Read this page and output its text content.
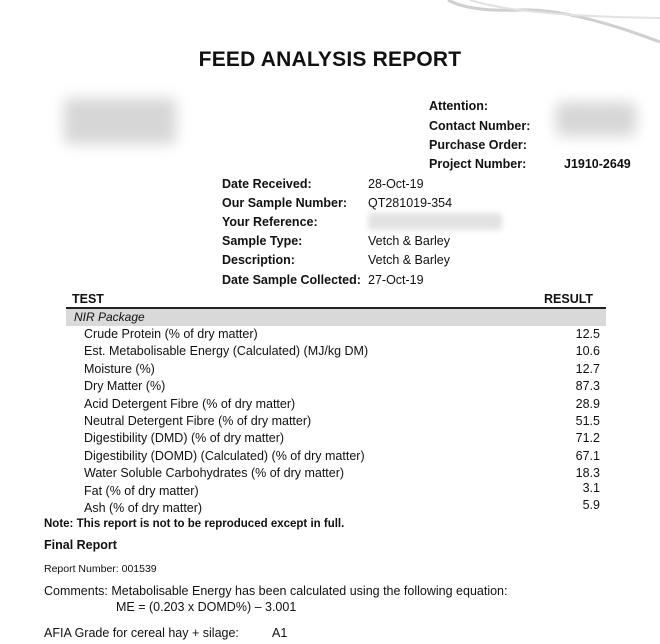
FEED ANALYSIS REPORT
Attention:
Contact Number:
Purchase Order:
Project Number:	J1910-2649
Date Received:	28-Oct-19
Our Sample Number: QT281019-354
Your Reference:
Sample Type:	Vetch & Barley
Description:	Vetch & Barley
Date Sample Collected: 27-Oct-19
TEST	RESULT
NIR Package
Crude Protein (% of dry matter)	12.5
Est. Metabolisable Energy (Calculated) (MJ/kg DM)	10.6
Moisture (%)	12.7
Dry Matter (%)	87.3
Acid Detergent Fibre (% of dry matter)	28.9
Neutral Detergent Fibre (% of dry matter)	51.5
Digestibility (DMD) (% of dry matter)	71.2
Digestibility (DOMD) (Calculated) (% of dry matter)	67.1
Water Soluble Carbohydrates (% of dry matter)	18.3
Fat (% of dry matter)	3.1
Ash (% of dry matter)	5.9
Note: This report is not to be reproduced except in full.
Final Report
Report Number: 001539
Comments: Metabolisable Energy has been calculated using the following equation:
ME = (0.203 x DOMD%) – 3.001
AFIA Grade for cereal hay + silage:	A1
